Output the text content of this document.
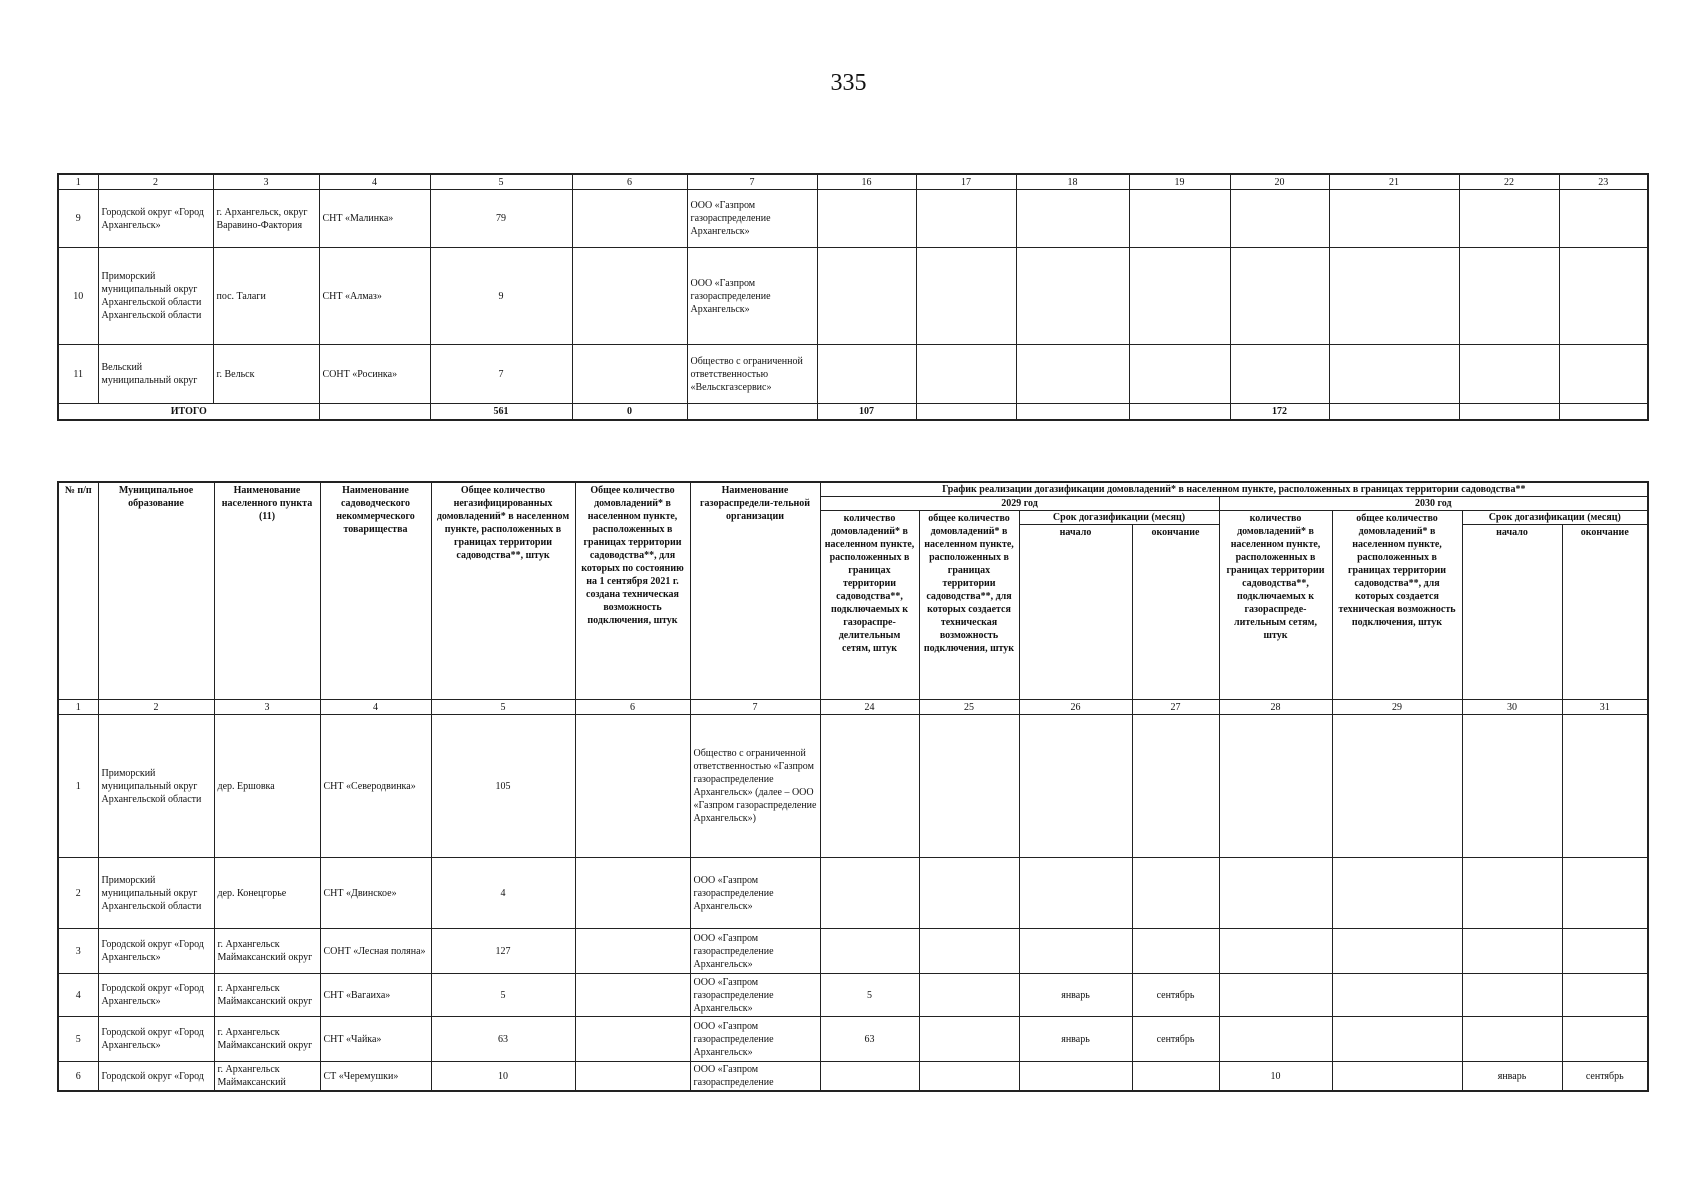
335
1	2	3	4	5	6	7	16	17	18	19	20	21	22	23
9	Городской округ «Город Архангельск»	г. Архангельск, округ Варавино-Фактория	СНТ «Малинка»	79		ООО «Газпром газораспределение Архангельск»								
10	Приморский муниципальный округ Архангельской области Архангельской области	пос. Талаги	СНТ «Алмаз»	9		ООО «Газпром газораспределение Архангельск»								
11	Вельский муниципальный округ	г. Вельск	СОНТ «Росинка»	7		Общество с ограниченной ответственностью «Вельскгазсервис»								
ИТОГО				561	0		107				172			
№ п/п	Муниципальное образование	Наименование населенного пункта (11)	Наименование садоводческого некоммерческого товарищества	Общее количество негазифицированных домовладений* в населенном пункте, расположенных в границах территории садоводства**, штук	Общее количество домовладений* в населенном пункте, расположенных в границах территории садоводства**, для которых по состоянию на 1 сентября 2021 г. создана техническая возможность подключения, штук	Наименование газораспредели-тельной организации	График реализации догазификации домовладений* в населенном пункте, расположенных в границах территории садоводства**							
							2029 год				2030 год			
							количество домовладений* в населенном пункте, расположенных в границах территории садоводства**, подключаемых к газораспре-делительным сетям, штук	общее количество домовладений* в населенном пункте, расположенных в границах территории садоводства**, для которых создается техническая возможность подключения, штук	Срок догазификации (месяц)		количество домовладений* в населенном пункте, расположенных в границах территории садоводства**, подключаемых к газораспреде-лительным сетям, штук	общее количество домовладений* в населенном пункте, расположенных в границах территории садоводства**, для которых создается техническая возможность подключения, штук	Срок догазификации (месяц)	
									начало	окончание			начало	окончание
1	2	3	4	5	6	7	24	25	26	27	28	29	30	31
1	Приморский муниципальный округ Архангельской области	дер. Ершовка	СНТ «Северодвинка»	105		Общество с ограниченной ответственностью «Газпром газораспределение Архангельск» (далее – ООО «Газпром газораспределение Архангельск»)								
2	Приморский муниципальный округ Архангельской области	дер. Конецгорье	СНТ «Двинское»	4		ООО «Газпром газораспределение Архангельск»								
3	Городской округ «Город Архангельск»	г. Архангельск Маймаксанский округ	СОНТ «Лесная поляна»	127		ООО «Газпром газораспределение Архангельск»								
4	Городской округ «Город Архангельск»	г. Архангельск Маймаксанский округ	СНТ «Вагаиха»	5		ООО «Газпром газораспределение Архангельск»	5		январь	сентябрь				
5	Городской округ «Город Архангельск»	г. Архангельск Маймаксанский округ	СНТ «Чайка»	63		ООО «Газпром газораспределение Архангельск»	63		январь	сентябрь				
6	Городской округ «Город	г. Архангельск Маймаксанский	СТ «Черемушки»	10		ООО «Газпром газораспределение					10		январь	сентябрь
